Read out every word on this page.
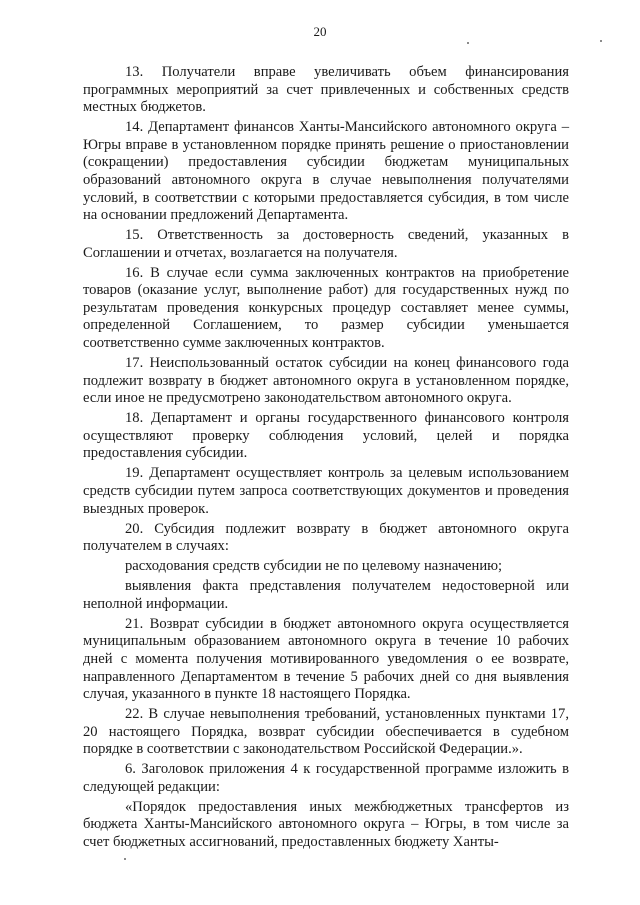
20

13. Получатели вправе увеличивать объем финансирования программных мероприятий за счет привлеченных и собственных средств местных бюджетов.

14. Департамент финансов Ханты-Мансийского автономного округа – Югры вправе в установленном порядке принять решение о приостановлении (сокращении) предоставления субсидии бюджетам муниципальных образований автономного округа в случае невыполнения получателями условий, в соответствии с которыми предоставляется субсидия, в том числе на основании предложений Департамента.

15. Ответственность за достоверность сведений, указанных в Соглашении и отчетах, возлагается на получателя.

16. В случае если сумма заключенных контрактов на приобретение товаров (оказание услуг, выполнение работ) для государственных нужд по результатам проведения конкурсных процедур составляет менее суммы, определенной Соглашением, то размер субсидии уменьшается соответственно сумме заключенных контрактов.

17. Неиспользованный остаток субсидии на конец финансового года подлежит возврату в бюджет автономного округа в установленном порядке, если иное не предусмотрено законодательством автономного округа.

18. Департамент и органы государственного финансового контроля осуществляют проверку соблюдения условий, целей и порядка предоставления субсидии.

19. Департамент осуществляет контроль за целевым использованием средств субсидии путем запроса соответствующих документов и проведения выездных проверок.

20. Субсидия подлежит возврату в бюджет автономного округа получателем в случаях:

расходования средств субсидии не по целевому назначению;

выявления факта представления получателем недостоверной или неполной информации.

21. Возврат субсидии в бюджет автономного округа осуществляется муниципальным образованием автономного округа в течение 10 рабочих дней с момента получения мотивированного уведомления о ее возврате, направленного Департаментом в течение 5 рабочих дней со дня выявления случая, указанного в пункте 18 настоящего Порядка.

22. В случае невыполнения требований, установленных пунктами 17, 20 настоящего Порядка, возврат субсидии обеспечивается в судебном порядке в соответствии с законодательством Российской Федерации.».

6. Заголовок приложения 4 к государственной программе изложить в следующей редакции:

«Порядок предоставления иных межбюджетных трансфертов из бюджета Ханты-Мансийского автономного округа – Югры, в том числе за счет бюджетных ассигнований, предоставленных бюджету Ханты-
